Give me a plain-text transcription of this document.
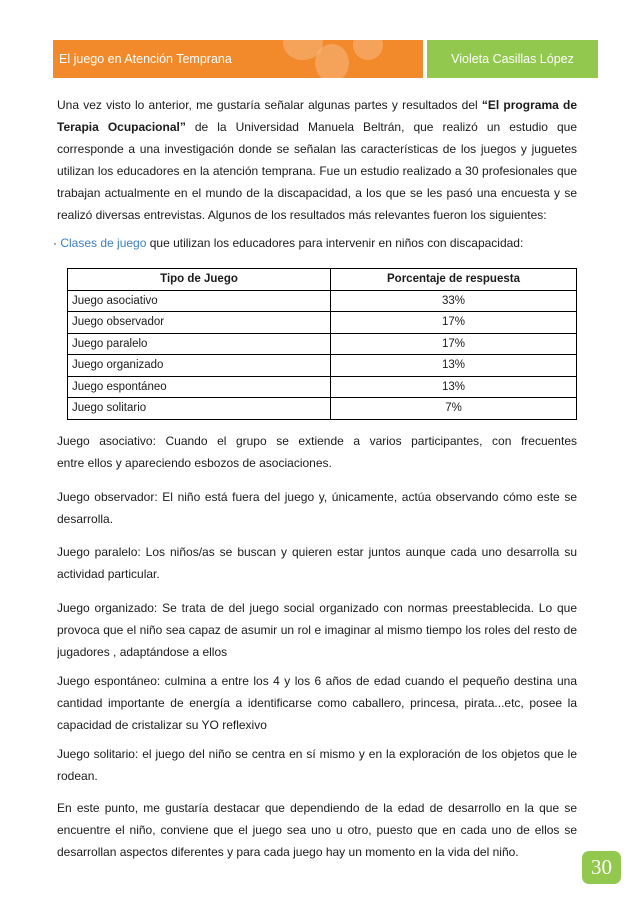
El juego en Atención Temprana	Violeta Casillas López
Una vez visto lo anterior, me gustaría señalar algunas partes y resultados del “El programa de
Terapia Ocupacional” de la Universidad Manuela Beltrán, que realizó un estudio que
corresponde a una investigación donde se señalan las características de los juegos y juguetes
utilizan los educadores en la atención temprana. Fue un estudio realizado a 30 profesionales que
trabajan actualmente en el mundo de la discapacidad, a los que se les pasó una encuesta y se
realizó diversas entrevistas. Algunos de los resultados más relevantes fueron los siguientes:
· Clases de juego que utilizan los educadores para intervenir en niños con discapacidad:
Tipo de Juego	Porcentaje de respuesta
Juego asociativo	33%
Juego observador	17%
Juego paralelo	17%
Juego organizado	13%
Juego espontáneo	13%
Juego solitario	7%
Juego asociativo: Cuando el grupo se extiende a varios participantes, con frecuentes
entre ellos y apareciendo esbozos de asociaciones.
Juego observador: El niño está fuera del juego y, únicamente, actúa observando cómo este se
desarrolla.
Juego paralelo: Los niños/as se buscan y quieren estar juntos aunque cada uno desarrolla su
actividad particular.
Juego organizado: Se trata de del juego social organizado con normas preestablecida. Lo que
provoca que el niño sea capaz de asumir un rol e imaginar al mismo tiempo los roles del resto de
jugadores , adaptándose a ellos
Juego espontáneo: culmina a entre los 4 y los 6 años de edad cuando el pequeño destina una
cantidad importante de energía a identificarse como caballero, princesa, pirata...etc, posee la
capacidad de cristalizar su YO reflexivo
Juego solitario: el juego del niño se centra en sí mismo y en la exploración de los objetos que le
rodean.
En este punto, me gustaría destacar que dependiendo de la edad de desarrollo en la que se
encuentre el niño, conviene que el juego sea uno u otro, puesto que en cada uno de ellos se
desarrollan aspectos diferentes y para cada juego hay un momento en la vida del niño.
30
